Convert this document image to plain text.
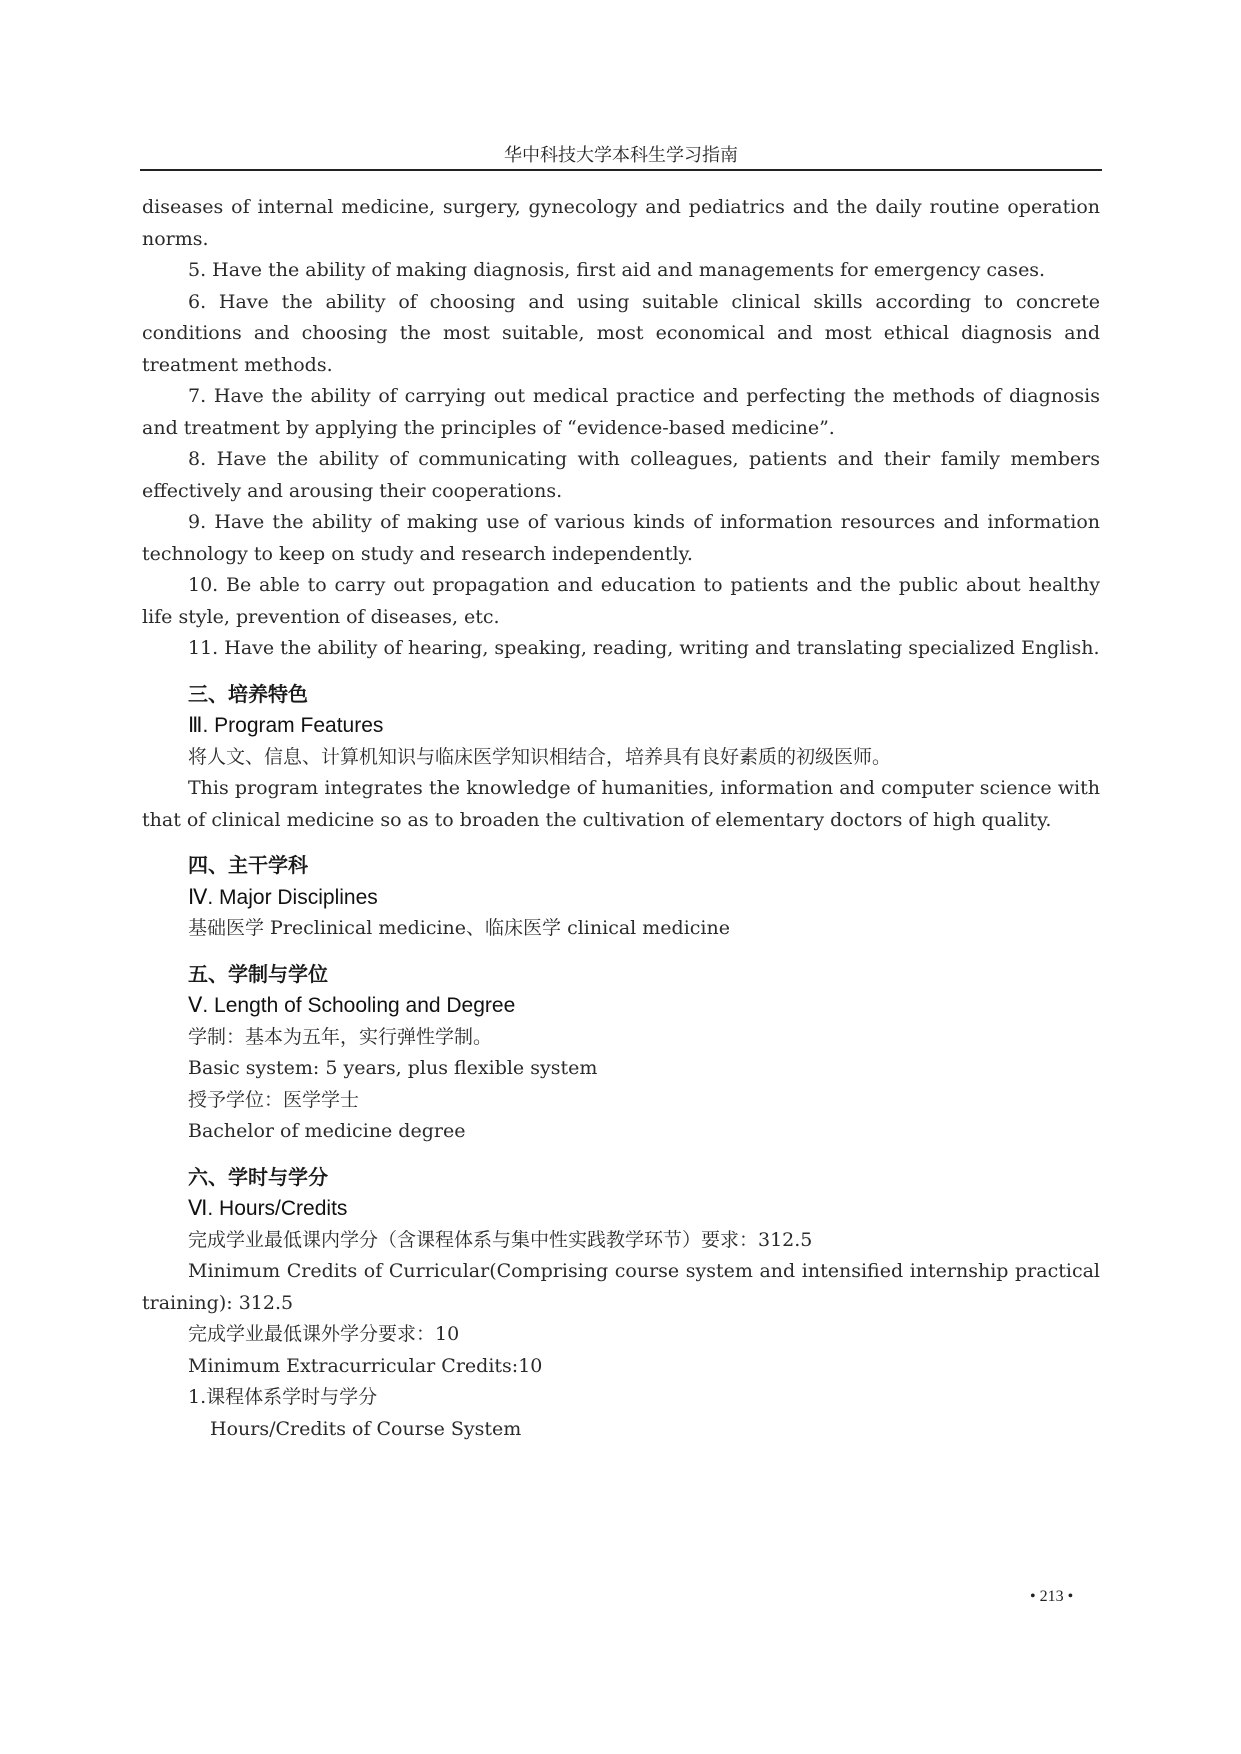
华中科技大学本科生学习指南

diseases of internal medicine, surgery, gynecology and pediatrics and the daily routine operation norms.

5. Have the ability of making diagnosis, first aid and managements for emergency cases.

6. Have the ability of choosing and using suitable clinical skills according to concrete conditions and choosing the most suitable, most economical and most ethical diagnosis and treatment methods.

7. Have the ability of carrying out medical practice and perfecting the methods of diagnosis and treatment by applying the principles of “evidence-based medicine”.

8. Have the ability of communicating with colleagues, patients and their family members effectively and arousing their cooperations.

9. Have the ability of making use of various kinds of information resources and information technology to keep on study and research independently.

10. Be able to carry out propagation and education to patients and the public about healthy life style, prevention of diseases, etc.

11. Have the ability of hearing, speaking, reading, writing and translating specialized English.

三、培养特色
Ⅲ. Program Features

将人文、信息、计算机知识与临床医学知识相结合，培养具有良好素质的初级医师。

This program integrates the knowledge of humanities, information and computer science with that of clinical medicine so as to broaden the cultivation of elementary doctors of high quality.

四、主干学科
Ⅳ. Major Disciplines
基础医学 Preclinical medicine、临床医学 clinical medicine
五、学制与学位
Ⅴ. Length of Schooling and Degree
学制：基本为五年，实行弹性学制。
Basic system: 5 years, plus flexible system
授予学位：医学学士
Bachelor of medicine degree
六、学时与学分
Ⅵ. Hours/Credits
完成学业最低课内学分（含课程体系与集中性实践教学环节）要求：312.5

Minimum Credits of Curricular(Comprising course system and intensified internship practical training): 312.5

完成学业最低课外学分要求：10
Minimum Extracurricular Credits:10
1.课程体系学时与学分
Hours/Credits of Course System
• 213 •
